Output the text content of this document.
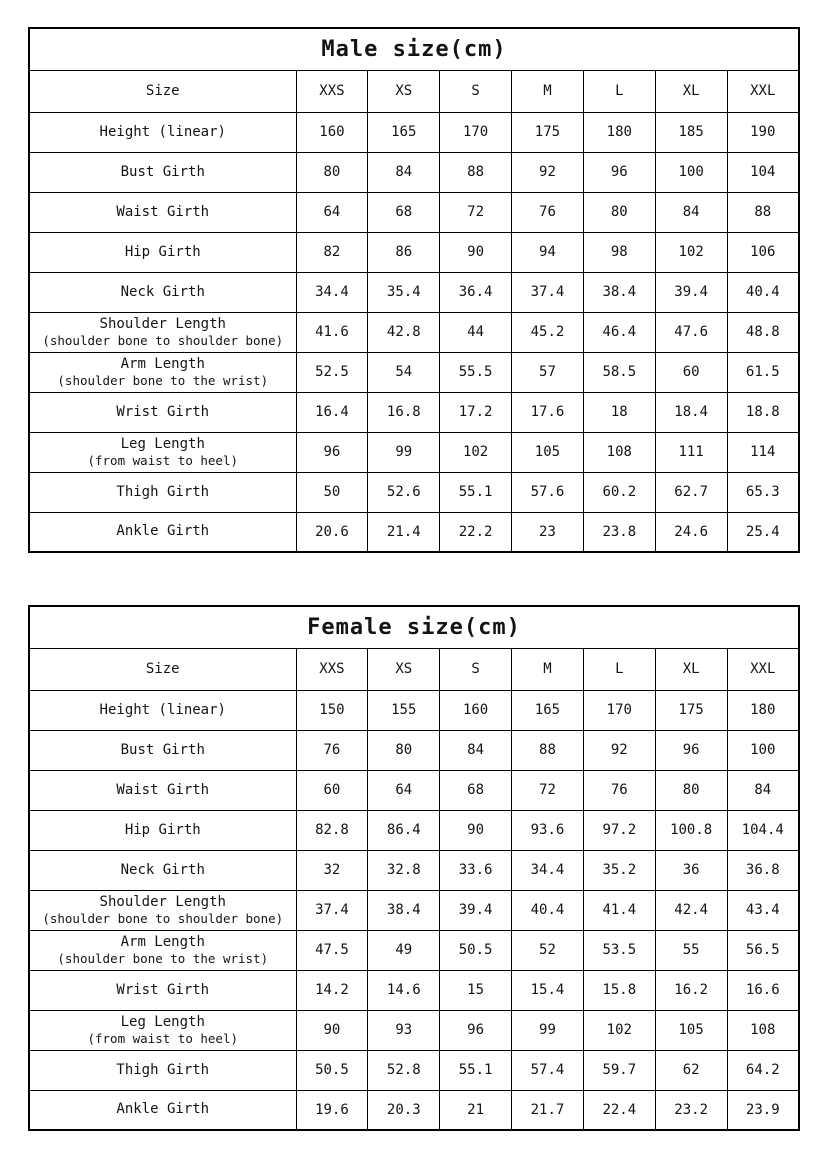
Male size(cm)							
Size	XXS	XS	S	M	L	XL	XXL

Height (linear)	160	165	170	175	180	185	190

Bust Girth	80	84	88	92	96	100	104

Waist Girth	64	68	72	76	80	84	88

Hip Girth	82	86	90	94	98	102	106

Neck Girth	34.4	35.4	36.4	37.4	38.4	39.4	40.4

Shoulder Length
(shoulder bone to shoulder bone)	41.6	42.8	44	45.2	46.4	47.6	48.8

Arm Length
(shoulder bone to the wrist)	52.5	54	55.5	57	58.5	60	61.5

Wrist Girth	16.4	16.8	17.2	17.6	18	18.4	18.8

Leg Length
(from waist to heel)	96	99	102	105	108	111	114

Thigh Girth	50	52.6	55.1	57.6	60.2	62.7	65.3

Ankle Girth	20.6	21.4	22.2	23	23.8	24.6	25.4
Female size(cm)							
Size	XXS	XS	S	M	L	XL	XXL

Height (linear)	150	155	160	165	170	175	180

Bust Girth	76	80	84	88	92	96	100

Waist Girth	60	64	68	72	76	80	84

Hip Girth	82.8	86.4	90	93.6	97.2	100.8	104.4

Neck Girth	32	32.8	33.6	34.4	35.2	36	36.8

Shoulder Length
(shoulder bone to shoulder bone)	37.4	38.4	39.4	40.4	41.4	42.4	43.4

Arm Length
(shoulder bone to the wrist)	47.5	49	50.5	52	53.5	55	56.5

Wrist Girth	14.2	14.6	15	15.4	15.8	16.2	16.6

Leg Length
(from waist to heel)	90	93	96	99	102	105	108

Thigh Girth	50.5	52.8	55.1	57.4	59.7	62	64.2

Ankle Girth	19.6	20.3	21	21.7	22.4	23.2	23.9
